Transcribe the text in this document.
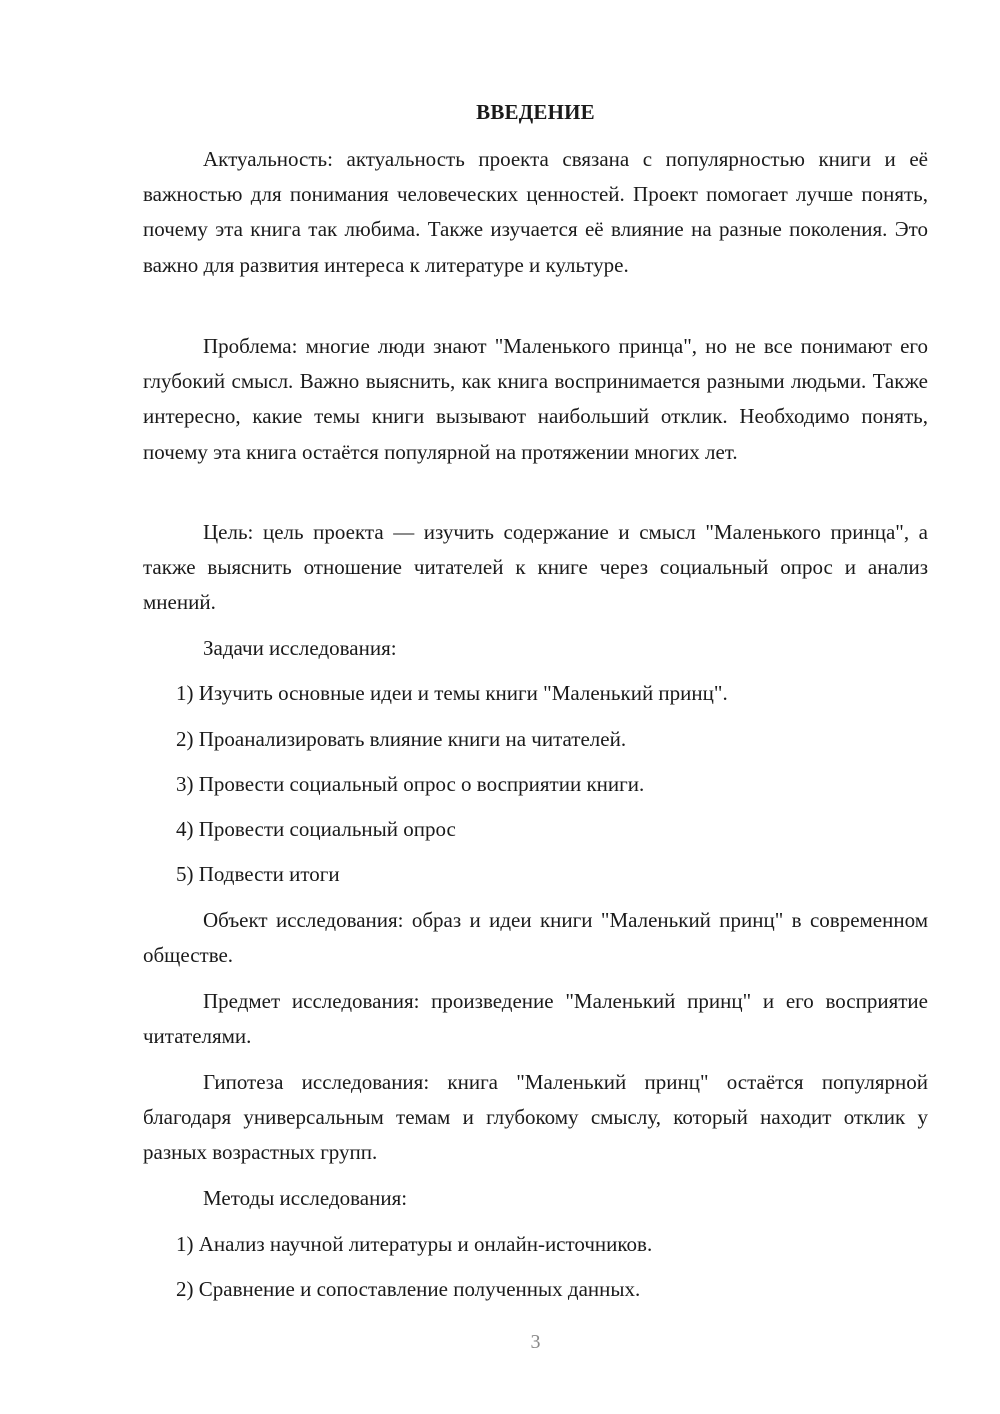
ВВЕДЕНИЕ

Актуальность: актуальность проекта связана с популярностью книги и её важностью для понимания человеческих ценностей. Проект помогает лучше понять, почему эта книга так любима. Также изучается её влияние на разные поколения. Это важно для развития интереса к литературе и культуре.

Проблема: многие люди знают "Маленького принца", но не все понимают его глубокий смысл. Важно выяснить, как книга воспринимается разными людьми. Также интересно, какие темы книги вызывают наибольший отклик. Необходимо понять, почему эта книга остаётся популярной на протяжении многих лет.

Цель: цель проекта — изучить содержание и смысл "Маленького принца", а также выяснить отношение читателей к книге через социальный опрос и анализ мнений.

Задачи исследования:

1) Изучить основные идеи и темы книги "Маленький принц".

2) Проанализировать влияние книги на читателей.

3) Провести социальный опрос о восприятии книги.

4) Провести социальный опрос

5) Подвести итоги

Объект исследования: образ и идеи книги "Маленький принц" в современном обществе.

Предмет исследования: произведение "Маленький принц" и его восприятие читателями.

Гипотеза исследования: книга "Маленький принц" остаётся популярной благодаря универсальным темам и глубокому смыслу, который находит отклик у разных возрастных групп.

Методы исследования:

1) Анализ научной литературы и онлайн-источников.

2) Сравнение и сопоставление полученных данных.

3
